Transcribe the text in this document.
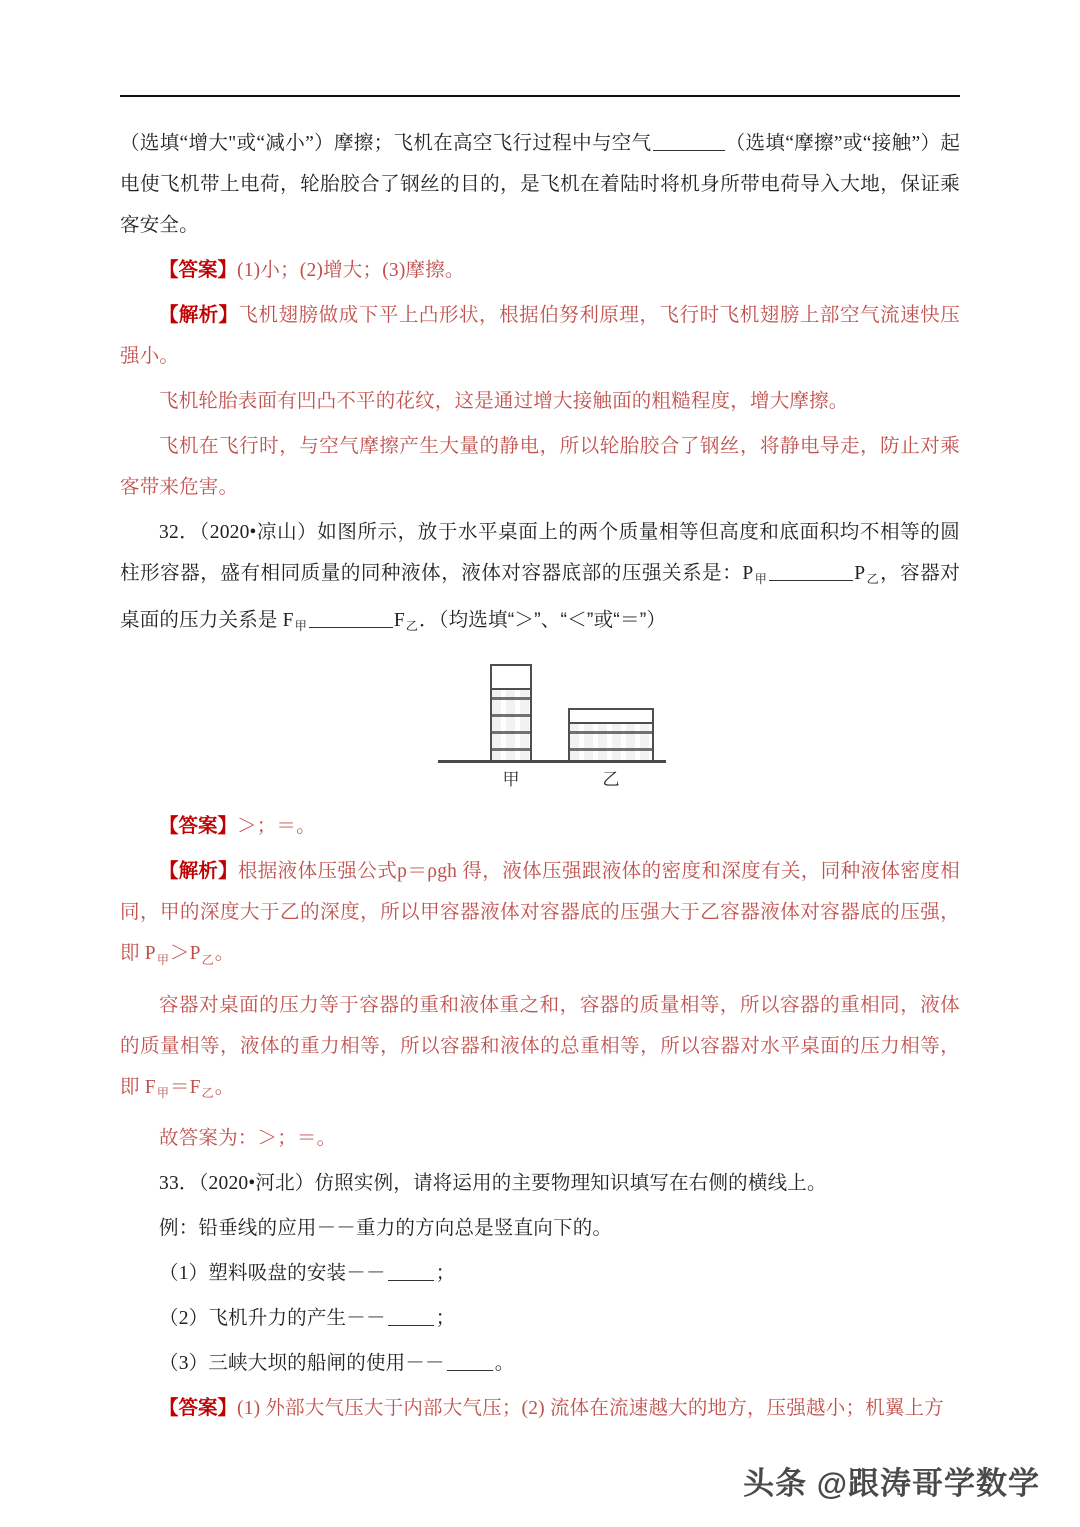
（选填“增大"或“减小”）摩擦；飞机在高空飞行过程中与空气	（选填“摩擦”或“接触”）起电使飞机带上电荷，轮胎胶合了钢丝的目的，是飞机在着陆时将机身所带电荷导入大地，保证乘客安全。

【答案】(1)小；(2)增大；(3)摩擦。

【解析】飞机翅膀做成下平上凸形状，根据伯努利原理，飞行时飞机翅膀上部空气流速快压强小。

飞机轮胎表面有凹凸不平的花纹，这是通过增大接触面的粗糙程度，增大摩擦。

飞机在飞行时，与空气摩擦产生大量的静电，所以轮胎胶合了钢丝，将静电导走，防止对乘客带来危害。

32．（2020•凉山）如图所示，放于水平桌面上的两个质量相等但高度和底面积均不相等的圆柱形容器，盛有相同质量的同种液体，液体对容器底部的压强关系是：$P_甲$	$P_乙$，容器对桌面的压力关系是 $F_甲$	$F_乙$．（均选填“＞”、“＜”或“＝”）

甲	乙

【答案】＞；＝。

【解析】根据液体压强公式p＝ρgh 得，液体压强跟液体的密度和深度有关，同种液体密度相同，甲的深度大于乙的深度，所以甲容器液体对容器底的压强大于乙容器液体对容器底的压强，即 $P_甲>P_乙$。

容器对桌面的压力等于容器的重和液体重之和，容器的质量相等，所以容器的重相同，液体的质量相等，液体的重力相等，所以容器和液体的总重相等，所以容器对水平桌面的压力相等，即 $F_甲=F_乙$。

故答案为：＞；＝。

33．（2020•河北）仿照实例，请将运用的主要物理知识填写在右侧的横线上。

例：铅垂线的应用－－重力的方向总是竖直向下的。

（1）塑料吸盘的安装－－	；

（2）飞机升力的产生－－	；

（3）三峡大坝的船闸的使用－－	。

【答案】(1) 外部大气压大于内部大气压；(2) 流体在流速越大的地方，压强越小；机翼上方

头条 @跟涛哥学数学
